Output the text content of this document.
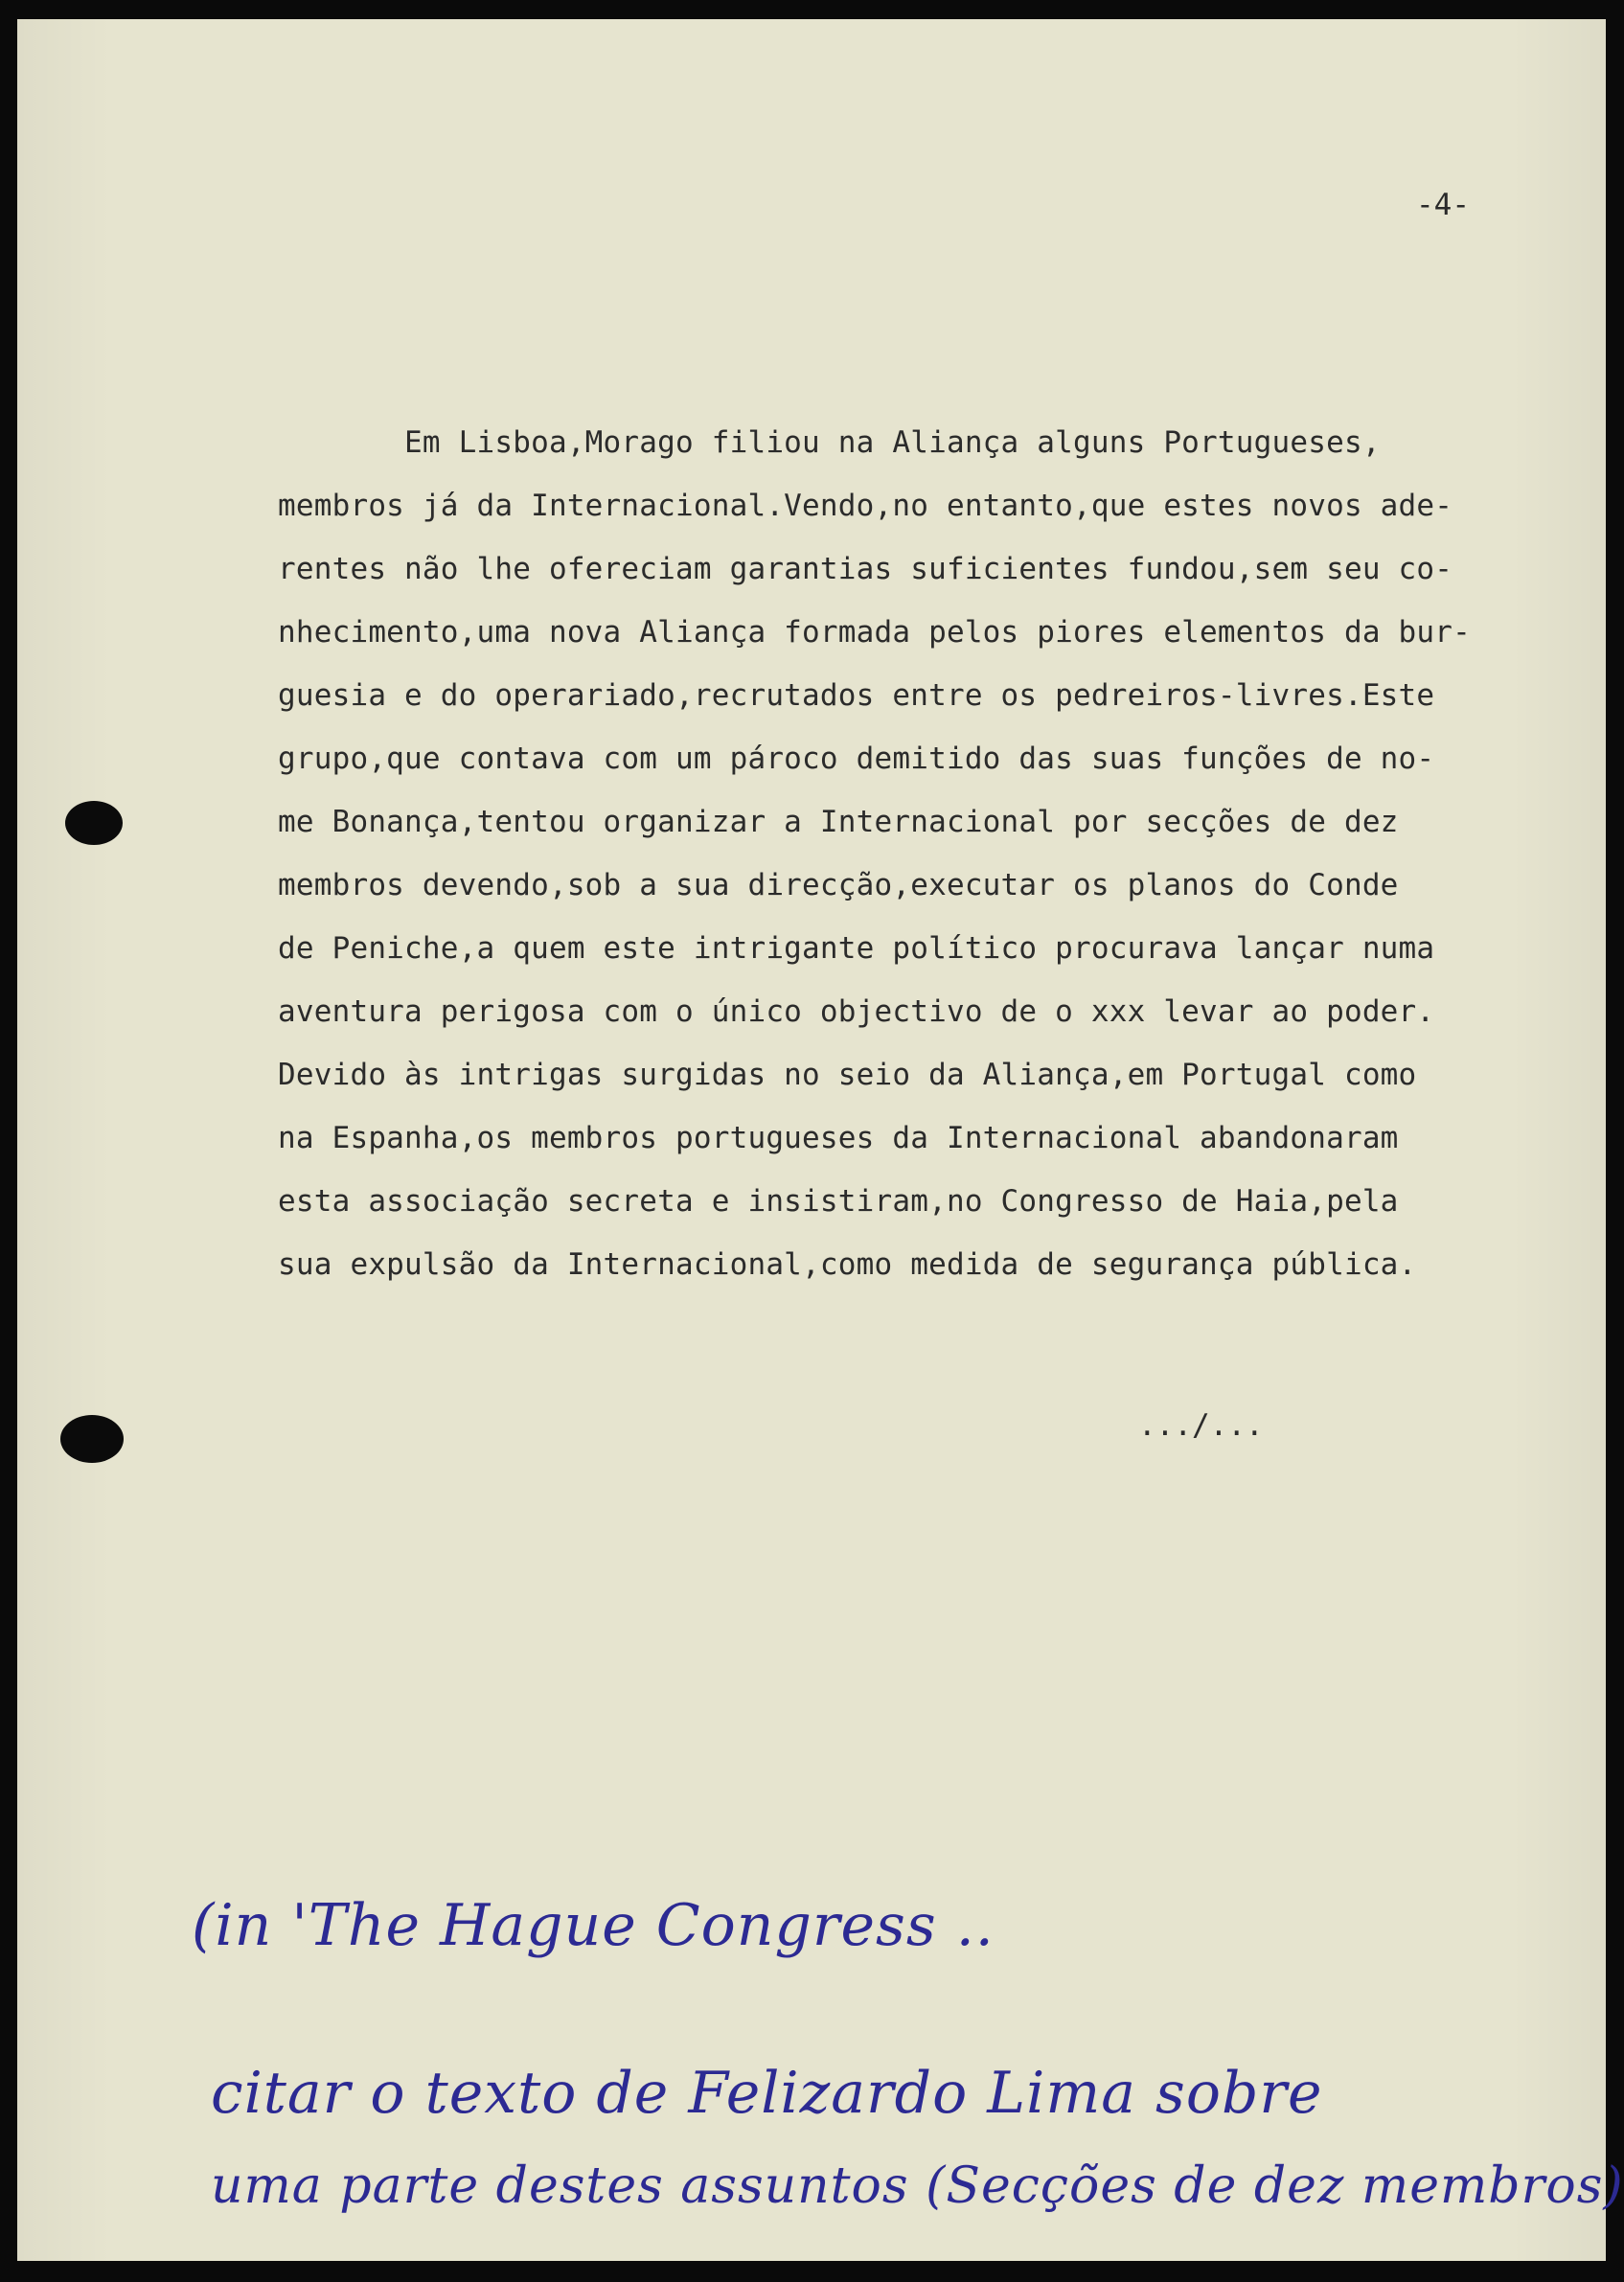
-4-
.../...
(in 'The Hague Congress ..
citar o texto de Felizardo Lima sobre
uma parte destes assuntos (Secções de dez membros)
